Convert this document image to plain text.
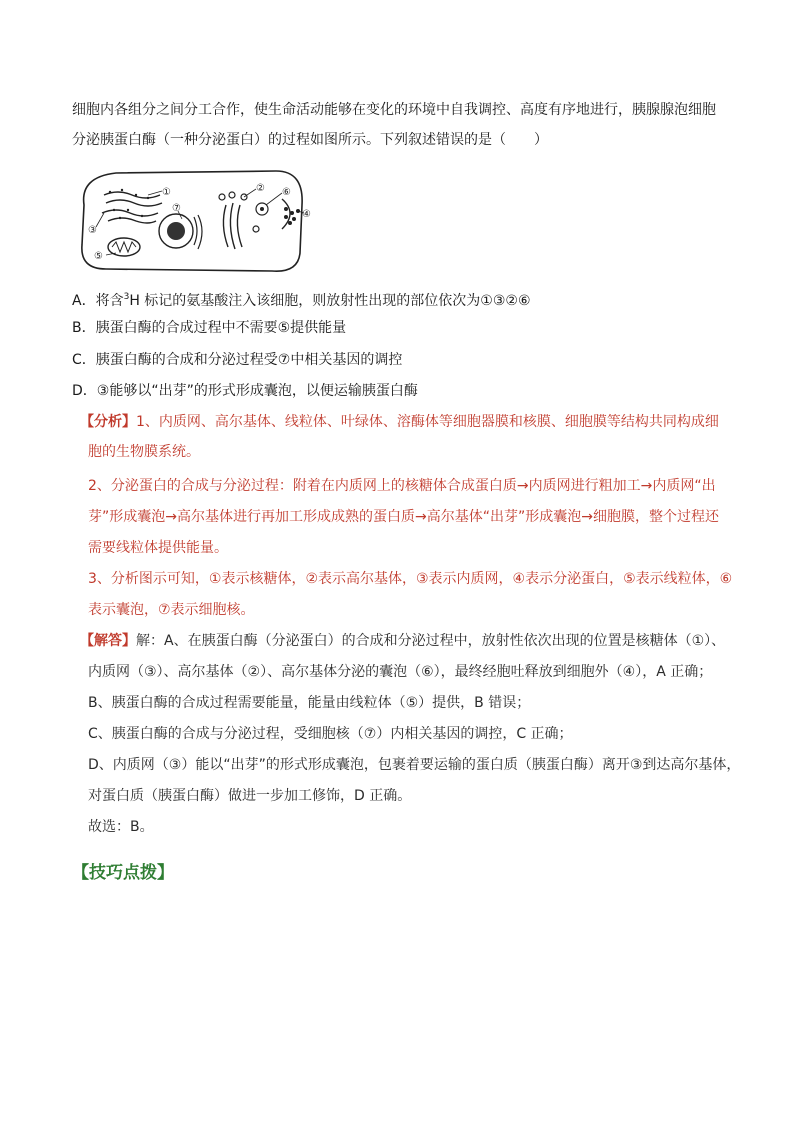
细胞内各组分之间分工合作，使生命活动能够在变化的环境中自我调控、高度有序地进行，胰腺腺泡细胞
分泌胰蛋白酶（一种分泌蛋白）的过程如图所示。下列叙述错误的是（　　）
①	②
③
④
⑤
⑥
⑦
A．将含$^3$H 标记的氨基酸注入该细胞，则放射性出现的部位依次为①③②⑥
B．胰蛋白酶的合成过程中不需要⑤提供能量
C．胰蛋白酶的合成和分泌过程受⑦中相关基因的调控
D．③能够以“出芽”的形式形成囊泡，以便运输胰蛋白酶
【分析】1、内质网、高尔基体、线粒体、叶绿体、溶酶体等细胞器膜和核膜、细胞膜等结构共同构成细
胞的生物膜系统。
2、分泌蛋白的合成与分泌过程：附着在内质网上的核糖体合成蛋白质→内质网进行粗加工→内质网“出
芽”形成囊泡→高尔基体进行再加工形成成熟的蛋白质→高尔基体“出芽”形成囊泡→细胞膜，整个过程还
需要线粒体提供能量。
3、分析图示可知，①表示核糖体，②表示高尔基体，③表示内质网，④表示分泌蛋白，⑤表示线粒体，⑥
表示囊泡，⑦表示细胞核。
【解答】解：A、在胰蛋白酶（分泌蛋白）的合成和分泌过程中，放射性依次出现的位置是核糖体（①）、
内质网（③）、高尔基体（②）、高尔基体分泌的囊泡（⑥），最终经胞吐释放到细胞外（④），A 正确；
B、胰蛋白酶的合成过程需要能量，能量由线粒体（⑤）提供，B 错误；
C、胰蛋白酶的合成与分泌过程，受细胞核（⑦）内相关基因的调控，C 正确；
D、内质网（③）能以“出芽”的形式形成囊泡，包裹着要运输的蛋白质（胰蛋白酶）离开③到达高尔基体，
对蛋白质（胰蛋白酶）做进一步加工修饰，D 正确。
故选：B。
【技巧点拨】
